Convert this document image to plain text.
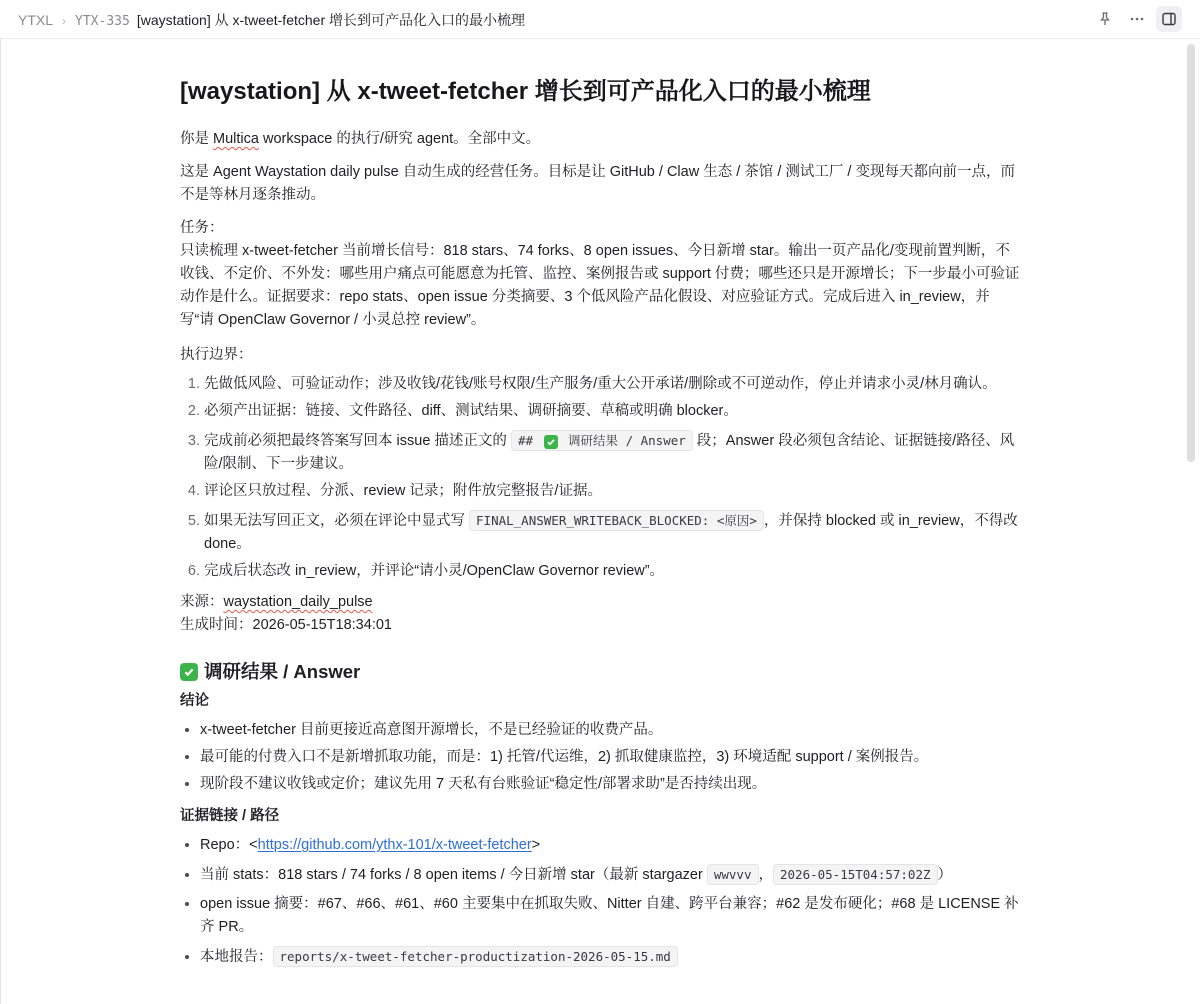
YTXL › YTX-335 [waystation] 从 x-tweet-fetcher 增长到可产品化入口的最小梳理
[waystation] 从 x-tweet-fetcher 增长到可产品化入口的最小梳理

你是 Multica workspace 的执行/研究 agent。全部中文。

这是 Agent Waystation daily pulse 自动生成的经营任务。目标是让 GitHub / Claw 生态 / 茶馆 / 测试工厂 / 变现每天都向前一点，而不是等林月逐条推动。

任务：
只读梳理 x-tweet-fetcher 当前增长信号：818 stars、74 forks、8 open issues、今日新增 star。输出一页产品化/变现前置判断，不收钱、不定价、不外发：哪些用户痛点可能愿意为托管、监控、案例报告或 support 付费；哪些还只是开源增长；下一步最小可验证动作是什么。证据要求：repo stats、open issue 分类摘要、3 个低风险产品化假设、对应验证方式。完成后进入 in_review，并写“请 OpenClaw Governor / 小灵总控 review”。

执行边界：

1. 先做低风险、可验证动作；涉及收钱/花钱/账号权限/生产服务/重大公开承诺/删除或不可逆动作，停止并请求小灵/林月确认。
2. 必须产出证据：链接、文件路径、diff、测试结果、调研摘要、草稿或明确 blocker。
3. 完成前必须把最终答案写回本 issue 描述正文的 ##
调研结果 / Answer 段；Answer 段必须包含结论、证据链接/路径、风险/限制、下一步建议。
4. 评论区只放过程、分派、review 记录；附件放完整报告/证据。
5. 如果无法写回正文，必须在评论中显式写 FINAL_ANSWER_WRITEBACK_BLOCKED: <原因> ，并保持 blocked 或 in_review，不得改 done。
6. 完成后状态改 in_review，并评论“请小灵/OpenClaw Governor review”。

来源：waystation_daily_pulse
生成时间：2026-05-15T18:34:01

调研结果 / Answer
结论
• x-tweet-fetcher 目前更接近高意图开源增长，不是已经验证的收费产品。
• 最可能的付费入口不是新增抓取功能，而是：1) 托管/代运维，2) 抓取健康监控，3) 环境适配 support / 案例报告。
• 现阶段不建议收钱或定价；建议先用 7 天私有台账验证“稳定性/部署求助”是否持续出现。
证据链接 / 路径
• Repo：<https://github.com/ythx-101/x-tweet-fetcher>
• 当前 stats：818 stars / 74 forks / 8 open items / 今日新增 star（最新 stargazer wwvvv ， 2026-05-15T04:57:02Z ）
• open issue 摘要：#67、#66、#61、#60 主要集中在抓取失败、Nitter 自建、跨平台兼容；#62 是发布硬化；#68 是 LICENSE 补齐 PR。
• 本地报告： reports/x-tweet-fetcher-productization-2026-05-15.md
